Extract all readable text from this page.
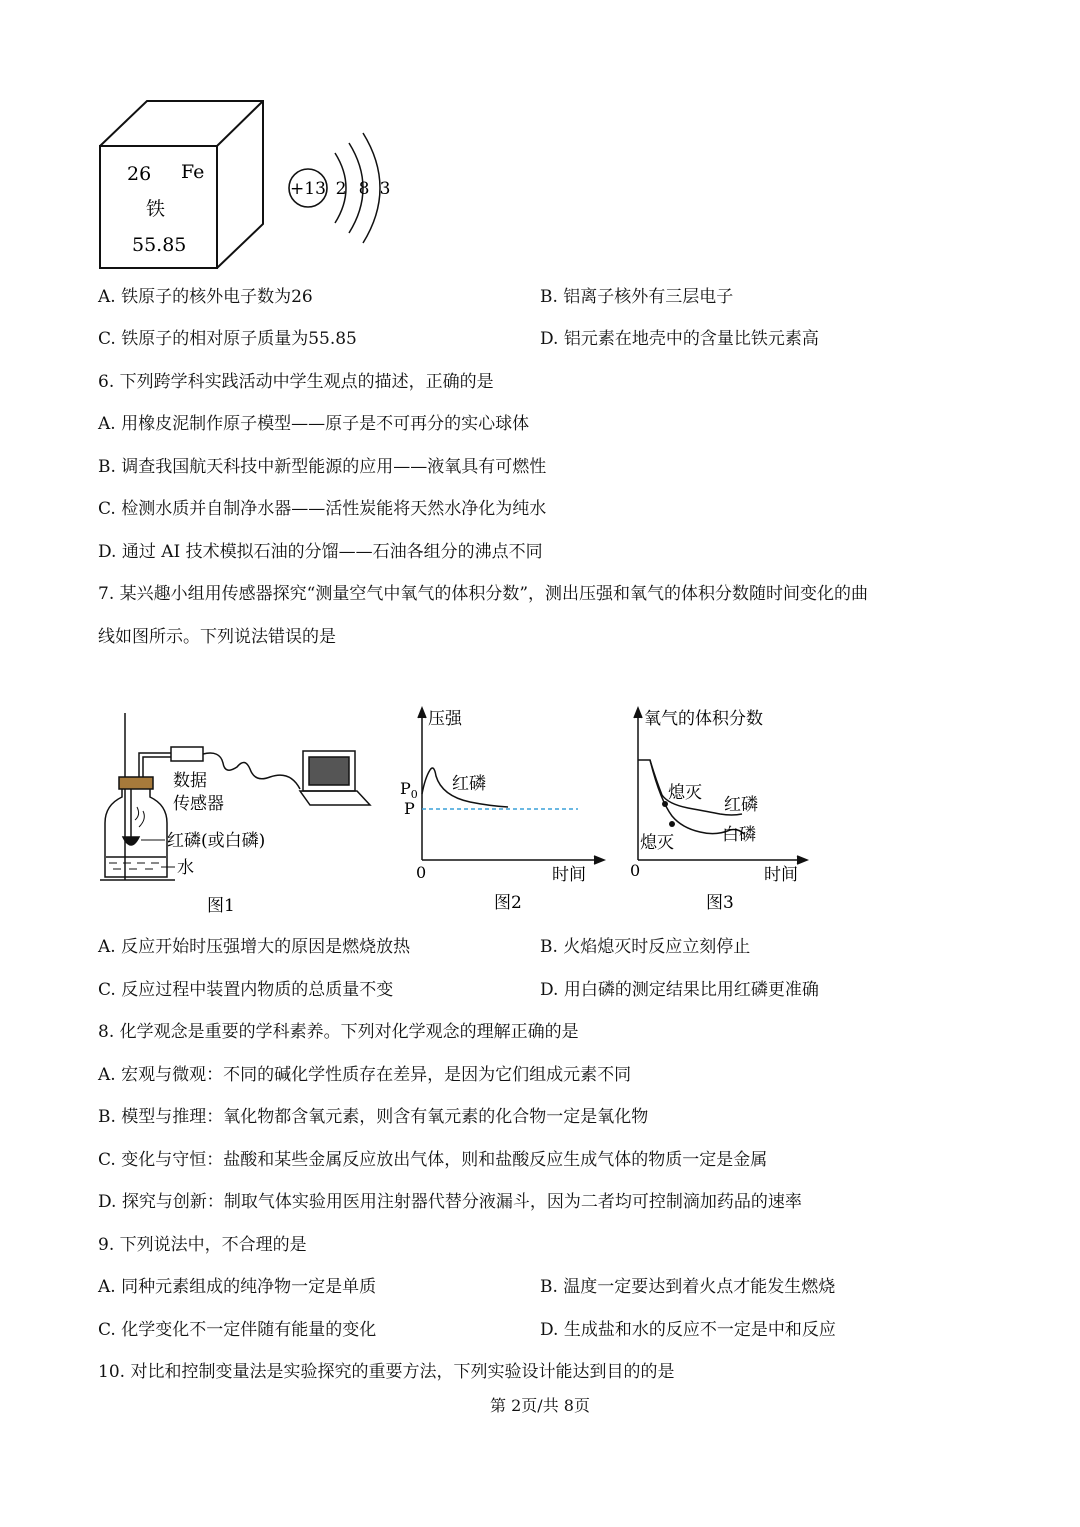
26 Fe
铁
55.85
+13 2 8 3
A. 铁原子的核外电子数为26	B. 铝离子核外有三层电子
C. 铁原子的相对原子质量为55.85	D. 铝元素在地壳中的含量比铁元素高
6. 下列跨学科实践活动中学生观点的描述，正确的是
A. 用橡皮泥制作原子模型——原子是不可再分的实心球体
B. 调查我国航天科技中新型能源的应用——液氧具有可燃性
C. 检测水质并自制净水器——活性炭能将天然水净化为纯水
D. 通过 AI 技术模拟石油的分馏——石油各组分的沸点不同
7. 某兴趣小组用传感器探究“测量空气中氧气的体积分数”，测出压强和氧气的体积分数随时间变化的曲
线如图所示。下列说法错误的是
数据
传感器
红磷(或白磷)
水
图1
压强
$P_0$
P
红磷
0	时间
图2
氧气的体积分数
熄灭
红磷
白磷
熄灭
0	时间
图3
A. 反应开始时压强增大的原因是燃烧放热	B. 火焰熄灭时反应立刻停止
C. 反应过程中装置内物质的总质量不变	D. 用白磷的测定结果比用红磷更准确
8. 化学观念是重要的学科素养。下列对化学观念的理解正确的是
A. 宏观与微观：不同的碱化学性质存在差异，是因为它们组成元素不同
B. 模型与推理：氧化物都含氧元素，则含有氧元素的化合物一定是氧化物
C. 变化与守恒：盐酸和某些金属反应放出气体，则和盐酸反应生成气体的物质一定是金属
D. 探究与创新：制取气体实验用医用注射器代替分液漏斗，因为二者均可控制滴加药品的速率
9. 下列说法中，不合理的是
A. 同种元素组成的纯净物一定是单质	B. 温度一定要达到着火点才能发生燃烧
C. 化学变化不一定伴随有能量的变化	D. 生成盐和水的反应不一定是中和反应
10. 对比和控制变量法是实验探究的重要方法，下列实验设计能达到目的的是
第 2页/共 8页
